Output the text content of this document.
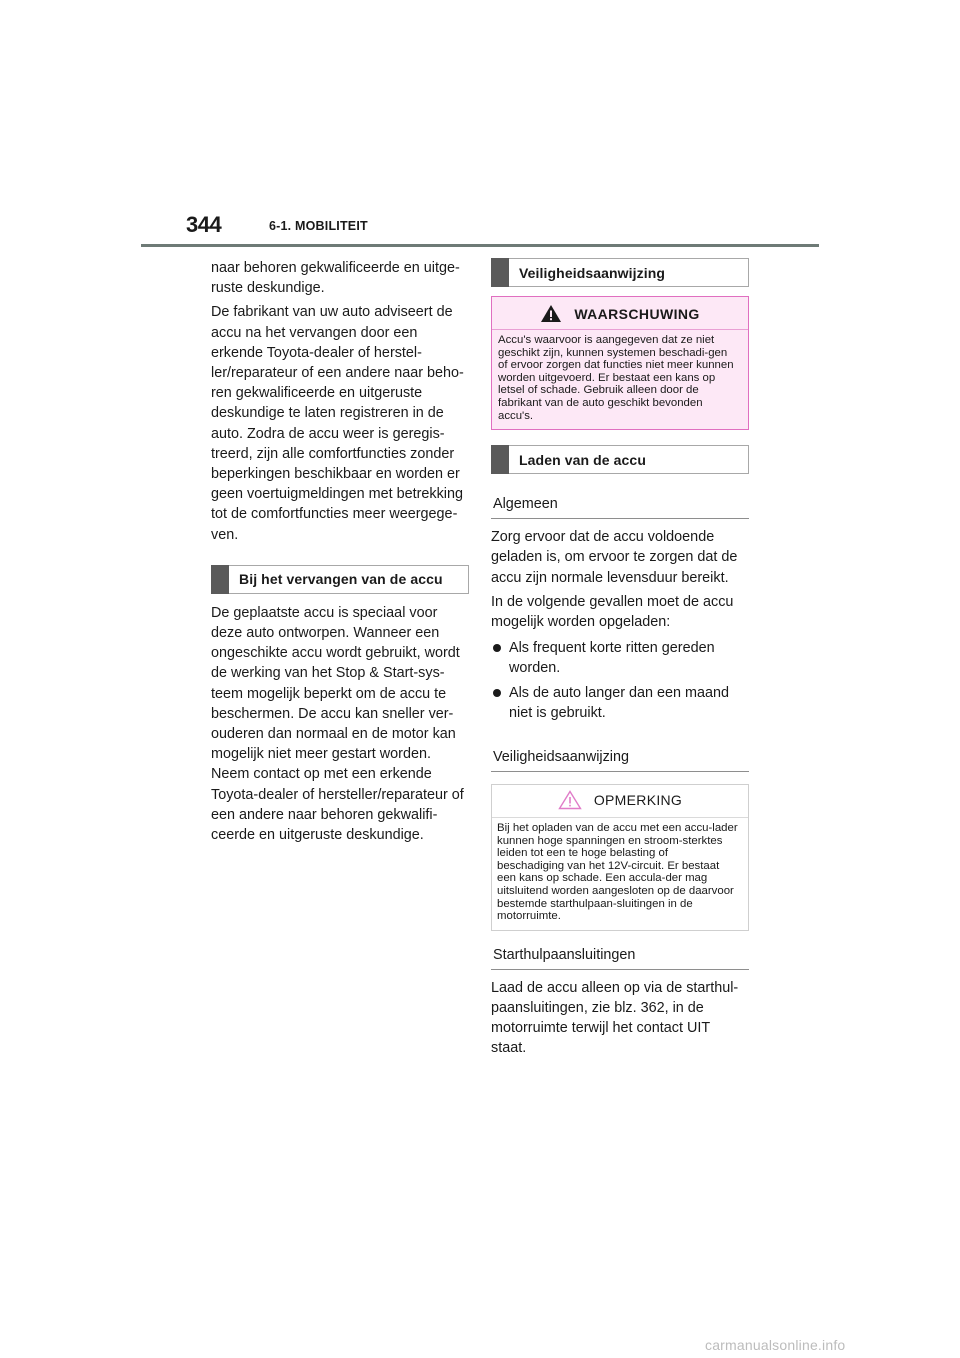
344	6-1. MOBILITEIT

naar behoren gekwalificeerde en uitge-ruste deskundige.

De fabrikant van uw auto adviseert de accu na het vervangen door een erkende Toyota-dealer of herstel-ler/reparateur of een andere naar beho-ren gekwalificeerde en uitgeruste deskundige te laten registreren in de auto. Zodra de accu weer is geregis-treerd, zijn alle comfortfuncties zonder beperkingen beschikbaar en worden er geen voertuigmeldingen met betrekking tot de comfortfuncties meer weergege-ven.

Bij het vervangen van de accu

De geplaatste accu is speciaal voor deze auto ontworpen. Wanneer een ongeschikte accu wordt gebruikt, wordt de werking van het Stop & Start-sys-teem mogelijk beperkt om de accu te beschermen. De accu kan sneller ver-ouderen dan normaal en de motor kan mogelijk niet meer gestart worden. Neem contact op met een erkende Toyota-dealer of hersteller/reparateur of een andere naar behoren gekwalifi-ceerde en uitgeruste deskundige.

Veiligheidsaanwijzing
WAARSCHUWING
Accu's waarvoor is aangegeven dat ze niet geschikt zijn, kunnen systemen beschadi-gen of ervoor zorgen dat functies niet meer kunnen worden uitgevoerd. Er bestaat een kans op letsel of schade. Gebruik alleen door de fabrikant van de auto geschikt bevonden accu's.
Laden van de accu
Algemeen

Zorg ervoor dat de accu voldoende geladen is, om ervoor te zorgen dat de accu zijn normale levensduur bereikt.

In de volgende gevallen moet de accu mogelijk worden opgeladen:

Als frequent korte ritten gereden worden.
Als de auto langer dan een maand niet is gebruikt.
Veiligheidsaanwijzing
OPMERKING
Bij het opladen van de accu met een accu-lader kunnen hoge spanningen en stroom-sterktes leiden tot een te hoge belasting of beschadiging van het 12V-circuit. Er bestaat een kans op schade. Een accula-der mag uitsluitend worden aangesloten op de daarvoor bestemde starthulpaan-sluitingen in de motorruimte.
Starthulpaansluitingen

Laad de accu alleen op via de starthul-paansluitingen, zie blz. 362, in de motorruimte terwijl het contact UIT staat.

carmanualsonline.info
